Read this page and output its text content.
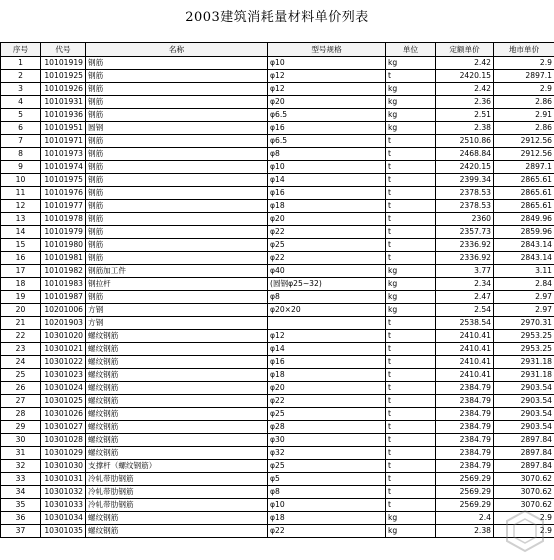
2003建筑消耗量材料单价列表
序号	代号	名称	型号规格	单位	定额单价	地市单价
1	10101919	钢筋	φ10	kg	2.42	2.9
2	10101925	钢筋	φ12	t	2420.15	2897.1
3	10101926	钢筋	φ12	kg	2.42	2.9
4	10101931	钢筋	φ20	kg	2.36	2.86
5	10101936	钢筋	φ6.5	kg	2.51	2.91
6	10101951	圆钢	φ16	kg	2.38	2.86
7	10101971	钢筋	φ6.5	t	2510.86	2912.56
8	10101973	钢筋	φ8	t	2468.84	2912.56
9	10101974	钢筋	φ10	t	2420.15	2897.1
10	10101975	钢筋	φ14	t	2399.34	2865.61
11	10101976	钢筋	φ16	t	2378.53	2865.61
12	10101977	钢筋	φ18	t	2378.53	2865.61
13	10101978	钢筋	φ20	t	2360	2849.96
14	10101979	钢筋	φ22	t	2357.73	2859.96
15	10101980	钢筋	φ25	t	2336.92	2843.14
16	10101981	钢筋	φ22	t	2336.92	2843.14
17	10101982	钢筋加工件	φ40	kg	3.77	3.11
18	10101983	钢拉杆	(圆钢φ25~32)	kg	2.34	2.84
19	10101987	钢筋	φ8	kg	2.47	2.97
20	10201006	方钢	φ20×20	kg	2.54	2.97
21	10201903	方钢		t	2538.54	2970.31
22	10301020	螺纹钢筋	φ12	t	2410.41	2953.25
23	10301021	螺纹钢筋	φ14	t	2410.41	2953.25
24	10301022	螺纹钢筋	φ16	t	2410.41	2931.18
25	10301023	螺纹钢筋	φ18	t	2410.41	2931.18
26	10301024	螺纹钢筋	φ20	t	2384.79	2903.54
27	10301025	螺纹钢筋	φ22	t	2384.79	2903.54
28	10301026	螺纹钢筋	φ25	t	2384.79	2903.54
29	10301027	螺纹钢筋	φ28	t	2384.79	2903.54
30	10301028	螺纹钢筋	φ30	t	2384.79	2897.84
31	10301029	螺纹钢筋	φ32	t	2384.79	2897.84
32	10301030	支撑杆（螺纹钢筋）	φ25	t	2384.79	2897.84
33	10301031	冷轧带肋钢筋	φ5	t	2569.29	3070.62
34	10301032	冷轧带肋钢筋	φ8	t	2569.29	3070.62
35	10301033	冷轧带肋钢筋	φ10	t	2569.29	3070.62
36	10301034	螺纹钢筋	φ18	kg	2.4	2.9
37	10301035	螺纹钢筋	φ22	kg	2.38	2.9
